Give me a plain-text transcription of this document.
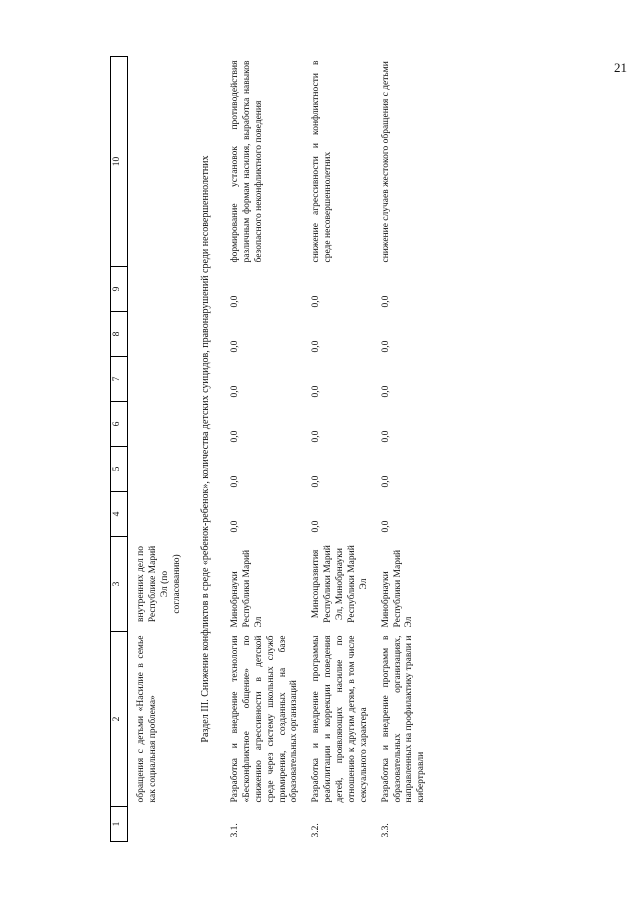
21
1	2	3	4	5	6	7	8	9	10
	обращения с детьми «Насилие в семье как социальная проблема»	внутренних дел по Республике Марий Эл (по согласованию)							
Раздел III. Снижение конфликтов в среде «ребенок-ребенок», количества детских суицидов, правонарушений среди несовершеннолетних									
3.1.	Разработка и внедрение технологии «Бесконфликтное общение» по снижению агрессивности в детской среде через систему школьных служб примирения, созданных на базе образовательных организаций	Минобрнауки Республики Марий Эл	0,0	0,0	0,0	0,0	0,0	0,0	формирование установок противодействия различным формам насилия, выработка навыков безопасного неконфликтного поведения
3.2.	Разработка и внедрение программы реабилитации и коррекции поведения детей, проявляющих насилие по отношению к другим детям, в том числе сексуального характера	Минсоцразвития Республики Марий Эл, Минобрнауки Республики Марий Эл	0,0	0,0	0,0	0,0	0,0	0,0	снижение агрессивности и конфликтности в среде несовершеннолетних
3.3.	Разработка и внедрение программ в образовательных организациях, направленных на профилактику травли и кибертравли	Минобрнауки Республики Марий Эл	0,0	0,0	0,0	0,0	0,0	0,0	снижение случаев жестокого обращения с детьми
